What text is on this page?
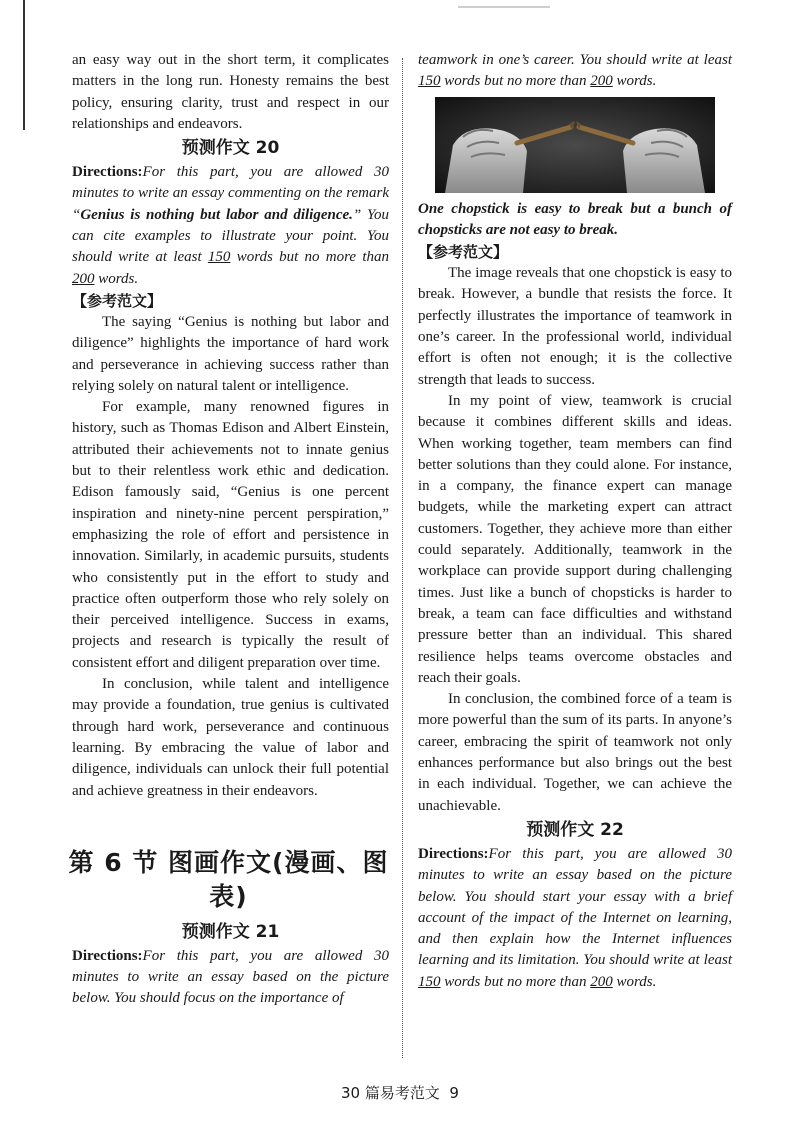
an easy way out in the short term, it complicates matters in the long run. Honesty remains the best policy, ensuring clarity, trust and respect in our relationships and endeavors.

预测作文 20

Directions:For this part, you are allowed 30 minutes to write an essay commenting on the remark “Genius is nothing but labor and diligence.” You can cite examples to illustrate your point. You should write at least 150 words but no more than 200 words.

【参考范文】

The saying “Genius is nothing but labor and diligence” highlights the importance of hard work and perseverance in achieving success rather than relying solely on natural talent or intelligence.

For example, many renowned figures in history, such as Thomas Edison and Albert Einstein, attributed their achievements not to innate genius but to their relentless work ethic and dedication. Edison famously said, “Genius is one percent inspiration and ninety-nine percent perspiration,” emphasizing the role of effort and persistence in innovation. Similarly, in academic pursuits, students who consistently put in the effort to study and practice often outperform those who rely solely on their perceived intelligence. Success in exams, projects and research is typically the result of consistent effort and diligent preparation over time.

In conclusion, while talent and intelligence may provide a foundation, true genius is cultivated through hard work, perseverance and continuous learning. By embracing the value of labor and diligence, individuals can unlock their full potential and achieve greatness in their endeavors.

第 6 节 图画作文(漫画、图表)
预测作文 21

Directions:For this part, you are allowed 30 minutes to write an essay based on the picture below. You should focus on the importance of

teamwork in one’s career. You should write at least 150 words but no more than 200 words.

One chopstick is easy to break but a bunch of chopsticks are not easy to break.

【参考范文】

The image reveals that one chopstick is easy to break. However, a bundle that resists the force. It perfectly illustrates the importance of teamwork in one’s career. In the professional world, individual effort is often not enough; it is the collective strength that leads to success.

In my point of view, teamwork is crucial because it combines different skills and ideas. When working together, team members can find better solutions than they could alone. For instance, in a company, the finance expert can manage budgets, while the marketing expert can attract customers. Together, they achieve more than either could separately. Additionally, teamwork in the workplace can provide support during challenging times. Just like a bunch of chopsticks is harder to break, a team can face difficulties and withstand pressure better than an individual. This shared resilience helps teams overcome obstacles and reach their goals.

In conclusion, the combined force of a team is more powerful than the sum of its parts. In anyone’s career, embracing the spirit of teamwork not only enhances performance but also brings out the best in each individual. Together, we can achieve the unachievable.

预测作文 22

Directions:For this part, you are allowed 30 minutes to write an essay based on the picture below. You should start your essay with a brief account of the impact of the Internet on learning, and then explain how the Internet influences learning and its limitation. You should write at least 150 words but no more than 200 words.

30 篇易考范文 9
